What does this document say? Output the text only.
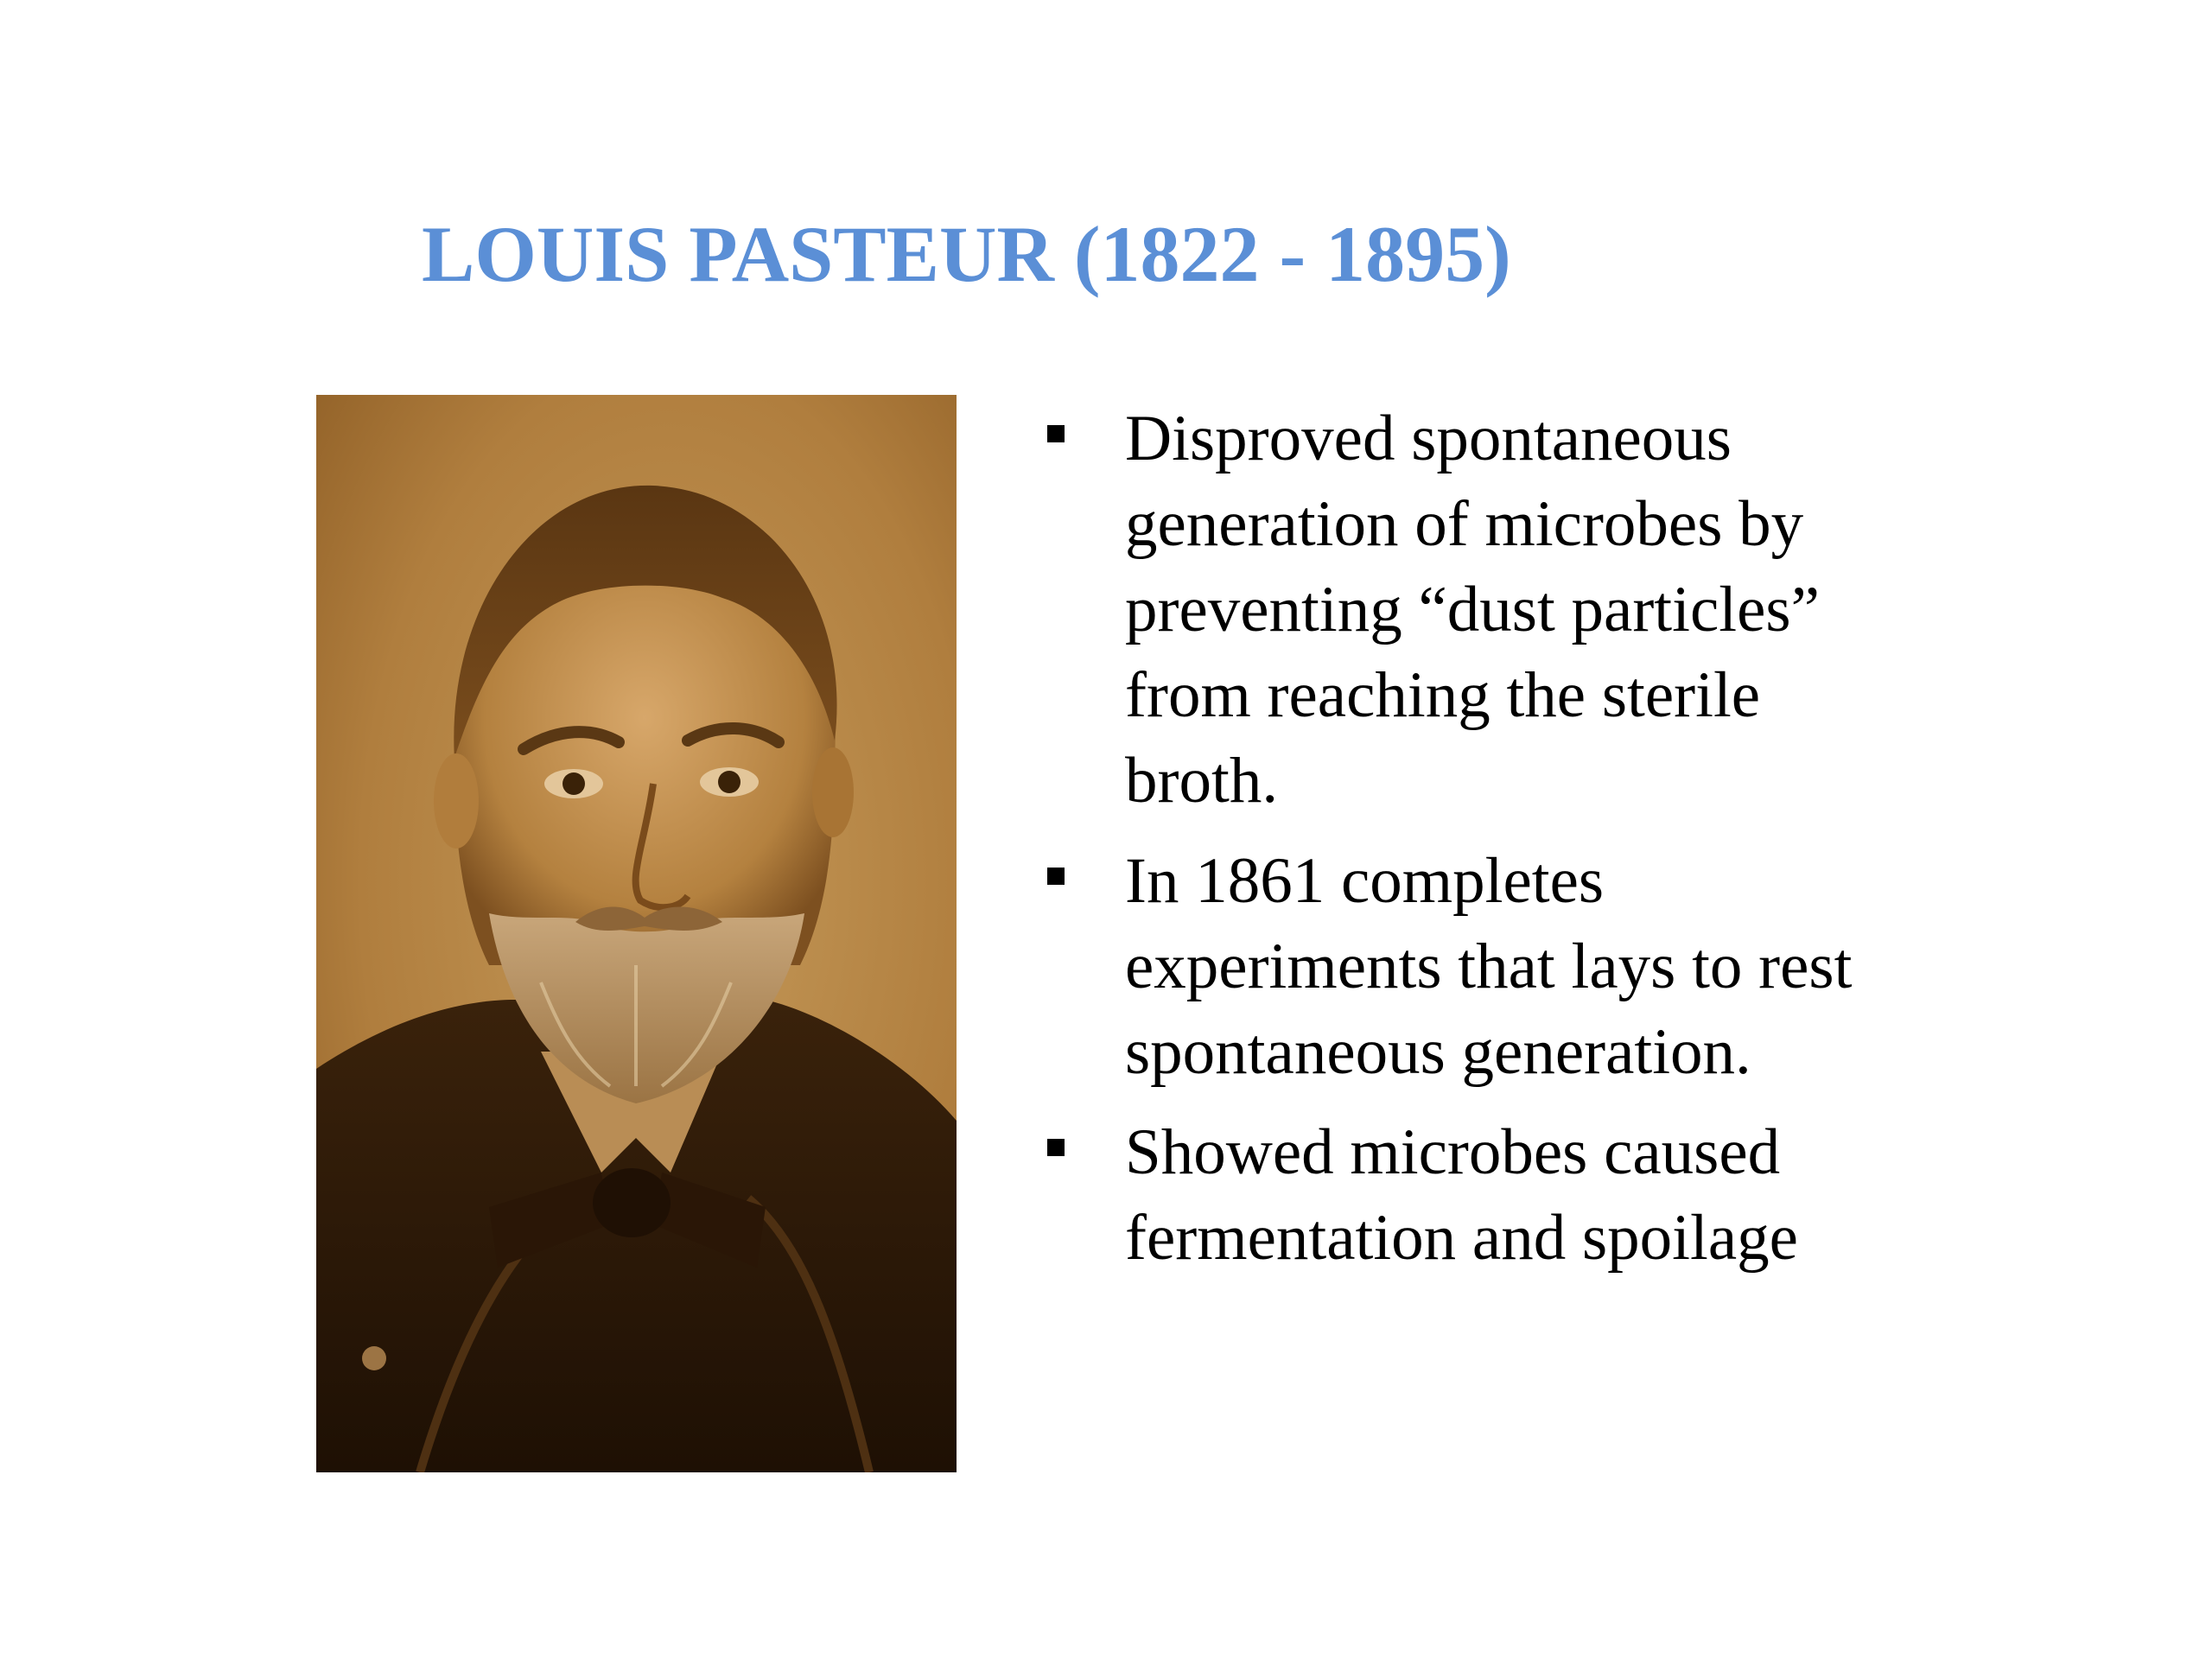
LOUIS PASTEUR (1822 - 1895)
Disproved spontaneous generation of microbes by preventing “dust particles” from reaching the sterile broth.
In 1861 completes experiments that lays to rest spontaneous generation.
Showed microbes caused fermentation and spoilage
